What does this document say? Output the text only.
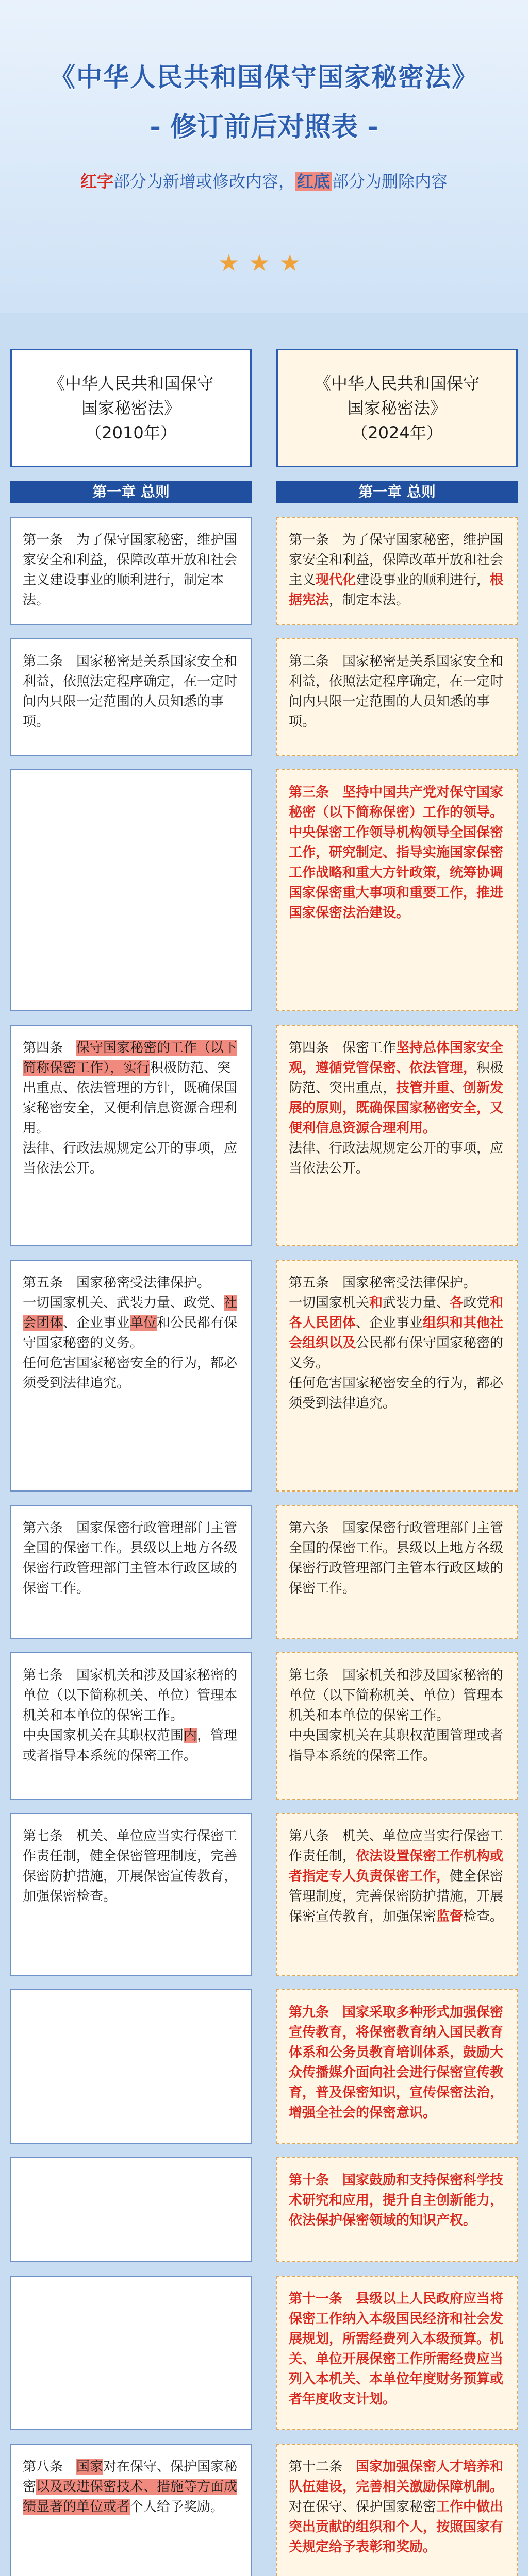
《中华人民共和国保守国家秘密法》

- 修订前后对照表 -

红字部分为新增或修改内容， 红底 部分为删除内容
★★★
《中华人民共和国保守
国家秘密法》
（2010年）
第一章 总则
第一条　为了保守国家秘密，维护国家安全和利益，保障改革开放和社会主义建设事业的顺利进行，制定本法。
第二条　国家秘密是关系国家安全和利益，依照法定程序确定，在一定时间内只限一定范围的人员知悉的事项。
第四条　保守国家秘密的工作（以下简称保密工作），实行积极防范、突出重点、依法管理的方针，既确保国家秘密安全，又便利信息资源合理利用。
法律、行政法规规定公开的事项，应当依法公开。
第五条　国家秘密受法律保护。
一切国家机关、武装力量、政党、社会团体、企业事业单位和公民都有保守国家秘密的义务。
任何危害国家秘密安全的行为，都必须受到法律追究。
第六条　国家保密行政管理部门主管全国的保密工作。县级以上地方各级保密行政管理部门主管本行政区域的保密工作。
第七条　国家机关和涉及国家秘密的单位（以下简称机关、单位）管理本机关和本单位的保密工作。
中央国家机关在其职权范围内，管理或者指导本系统的保密工作。
第七条　机关、单位应当实行保密工作责任制，健全保密管理制度，完善保密防护措施，开展保密宣传教育，加强保密检查。
第八条　国家对在保守、保护国家秘密以及改进保密技术、措施等方面成绩显著的单位或者个人给予奖励。
《中华人民共和国保守
国家秘密法》
（2024年）
第一章 总则
第一条　为了保守国家秘密，维护国家安全和利益，保障改革开放和社会主义现代化建设事业的顺利进行，根据宪法，制定本法。
第二条　国家秘密是关系国家安全和利益，依照法定程序确定，在一定时间内只限一定范围的人员知悉的事项。
第三条　坚持中国共产党对保守国家秘密（以下简称保密）工作的领导。中央保密工作领导机构领导全国保密工作，研究制定、指导实施国家保密工作战略和重大方针政策，统筹协调国家保密重大事项和重要工作，推进国家保密法治建设。
第四条　保密工作坚持总体国家安全观，遵循党管保密、依法管理，积极防范、突出重点，技管并重、创新发展的原则，既确保国家秘密安全，又便利信息资源合理利用。
法律、行政法规规定公开的事项，应当依法公开。
第五条　国家秘密受法律保护。
一切国家机关和武装力量、各政党和各人民团体、企业事业组织和其他社会组织以及公民都有保守国家秘密的义务。
任何危害国家秘密安全的行为，都必须受到法律追究。
第六条　国家保密行政管理部门主管全国的保密工作。县级以上地方各级保密行政管理部门主管本行政区域的保密工作。
第七条　国家机关和涉及国家秘密的单位（以下简称机关、单位）管理本机关和本单位的保密工作。
中央国家机关在其职权范围管理或者指导本系统的保密工作。
第八条　机关、单位应当实行保密工作责任制，依法设置保密工作机构或者指定专人负责保密工作，健全保密管理制度，完善保密防护措施，开展保密宣传教育，加强保密监督检查。
第九条　国家采取多种形式加强保密宣传教育，将保密教育纳入国民教育体系和公务员教育培训体系，鼓励大众传播媒介面向社会进行保密宣传教育，普及保密知识，宣传保密法治，增强全社会的保密意识。
第十条　国家鼓励和支持保密科学技术研究和应用，提升自主创新能力，依法保护保密领域的知识产权。
第十一条　县级以上人民政府应当将保密工作纳入本级国民经济和社会发展规划，所需经费列入本级预算。机关、单位开展保密工作所需经费应当列入本机关、本单位年度财务预算或者年度收支计划。
第十二条　国家加强保密人才培养和队伍建设，完善相关激励保障机制。对在保守、保护国家秘密工作中做出突出贡献的组织和个人，按照国家有关规定给予表彰和奖励。
